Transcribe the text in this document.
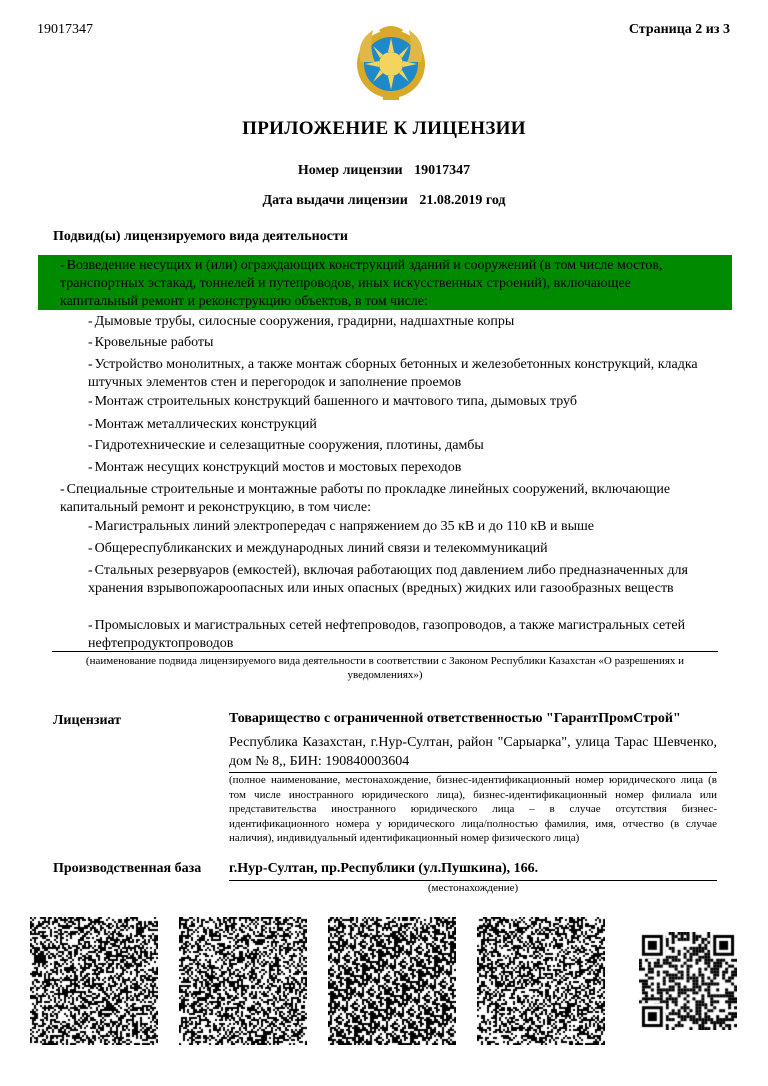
19017347	Страница 2 из 3
ПРИЛОЖЕНИЕ К ЛИЦЕНЗИИ
Номер лицензии 19017347
Дата выдачи лицензии 21.08.2019 год
Подвид(ы) лицензируемого вида деятельности
- Возведение несущих и (или) ограждающих конструкций зданий и сооружений (в том числе мостов, транспортных эстакад, тоннелей и путепроводов, иных искусственных строений), включающее капитальный ремонт и реконструкцию объектов, в том числе:
- Дымовые трубы, силосные сооружения, градирни, надшахтные копры
- Кровельные работы
- Устройство монолитных, а также монтаж сборных бетонных и железобетонных конструкций, кладка штучных элементов стен и перегородок и заполнение проемов
- Монтаж строительных конструкций башенного и мачтового типа, дымовых труб
- Монтаж металлических конструкций
- Гидротехнические и селезащитные сооружения, плотины, дамбы
- Монтаж несущих конструкций мостов и мостовых переходов
- Специальные строительные и монтажные работы по прокладке линейных сооружений, включающие капитальный ремонт и реконструкцию, в том числе:
- Магистральных линий электропередач с напряжением до 35 кВ и до 110 кВ и выше
- Общереспубликанских и международных линий связи и телекоммуникаций
- Стальных резервуаров (емкостей), включая работающих под давлением либо предназначенных для хранения взрывопожароопасных или иных опасных (вредных) жидких или газообразных веществ
- Промысловых и магистральных сетей нефтепроводов, газопроводов, а также магистральных сетей нефтепродуктопроводов
(наименование подвида лицензируемого вида деятельности в соответствии с Законом Республики Казахстан «О разрешениях и уведомлениях»)
Лицензиат	Товарищество с ограниченной ответственностью "ГарантПромСтрой"
Республика Казахстан, г.Нур-Султан, район "Сарыарка", улица Тарас Шевченко, дом № 8,, БИН: 190840003604
(полное наименование, местонахождение, бизнес-идентификационный номер юридического лица (в том числе иностранного юридического лица), бизнес-идентификационный номер филиала или представительства иностранного юридического лица – в случае отсутствия бизнес-идентификационного номера у юридического лица/полностью фамилия, имя, отчество (в случае наличия), индивидуальный идентификационный номер физического лица)
Производственная база г.Нур-Султан, пр.Республики (ул.Пушкина), 166.
(местонахождение)
